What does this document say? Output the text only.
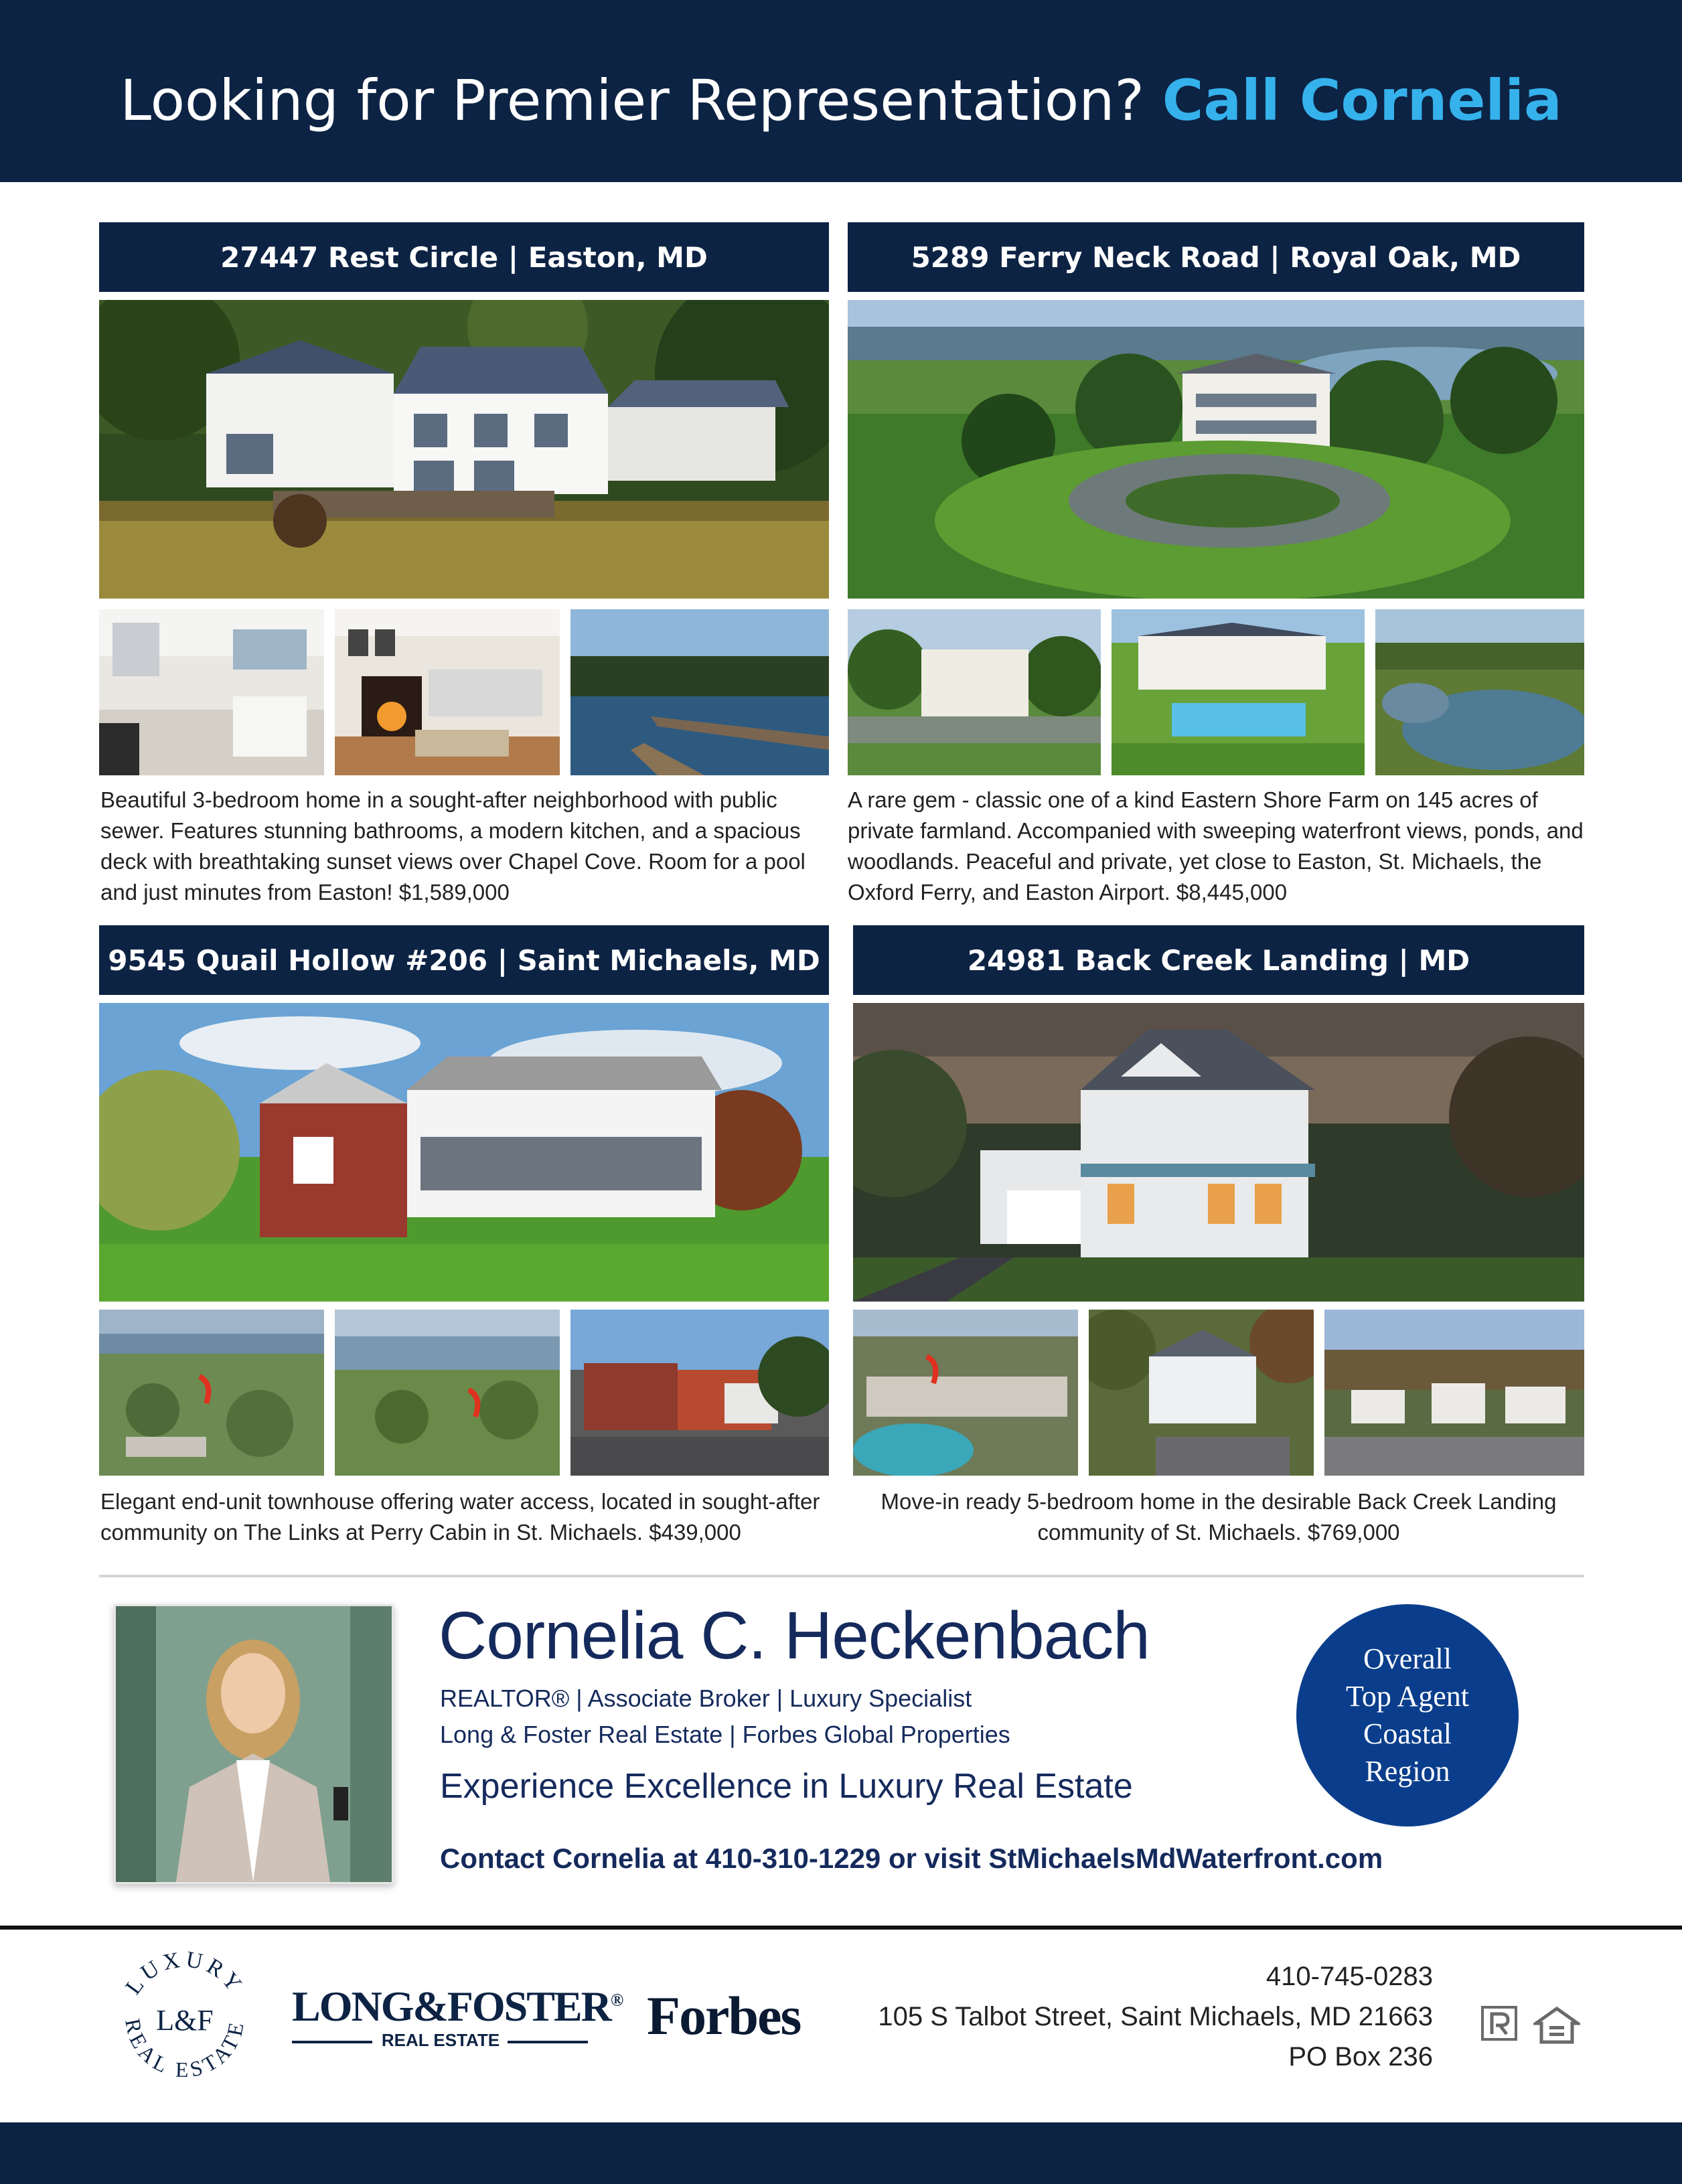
Looking for Premier Representation? Call Cornelia
27447 Rest Circle | Easton, MD
Beautiful 3-bedroom home in a sought-after neighborhood with public sewer. Features stunning bathrooms, a modern kitchen, and a spacious deck with breathtaking sunset views over Chapel Cove. Room for a pool and just minutes from Easton! $1,589,000
5289 Ferry Neck Road | Royal Oak, MD
A rare gem - classic one of a kind Eastern Shore Farm on 145 acres of private farmland. Accompanied with sweeping waterfront views, ponds, and woodlands. Peaceful and private, yet close to Easton, St. Michaels, the Oxford Ferry, and Easton Airport. $8,445,000
9545 Quail Hollow #206 | Saint Michaels, MD
Elegant end-unit townhouse offering water access, located in sought-after community on The Links at Perry Cabin in St. Michaels. $439,000
24981 Back Creek Landing | MD
Move-in ready 5-bedroom home in the desirable Back Creek Landing community of St. Michaels. $769,000
Cornelia C. Heckenbach
REALTOR® | Associate Broker | Luxury Specialist
Long & Foster Real Estate | Forbes Global Properties
Experience Excellence in Luxury Real Estate
Contact Cornelia at 410-310-1229 or visit StMichaelsMdWaterfront.com
Overall
Top Agent
Coastal
Region
LUXURY
REAL ESTATE
L&F LONG&FOSTER®
REAL ESTATE	Forbes
410-745-0283
105 S Talbot Street, Saint Michaels, MD 21663
PO Box 236
